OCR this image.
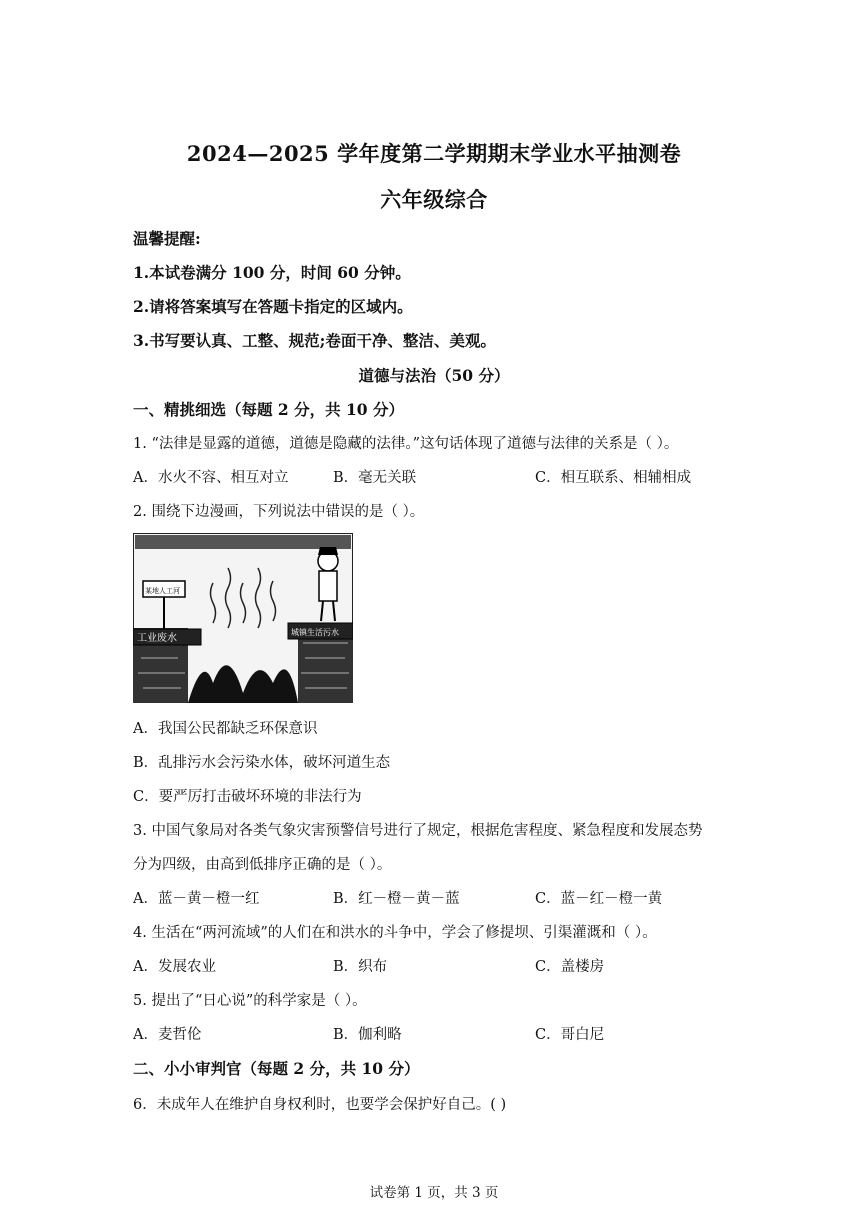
2024—2025 学年度第二学期期末学业水平抽测卷
六年级综合
温馨提醒:
1.本试卷满分 100 分，时间 60 分钟。
2.请将答案填写在答题卡指定的区域内。
3.书写要认真、工整、规范;卷面干净、整洁、美观。
道德与法治（50 分）
一、精挑细选（每题 2 分，共 10 分）
1. “法律是显露的道德，道德是隐藏的法律。”这句话体现了道德与法律的关系是（ ）。
A．水火不容、相互对立	B．毫无关联	C．相互联系、相辅相成
2. 围绕下边漫画，下列说法中错误的是（ ）。
工业废水
城镇生活污水
某地人工河
A．我国公民都缺乏环保意识
B．乱排污水会污染水体，破坏河道生态
C．要严厉打击破坏环境的非法行为
3. 中国气象局对各类气象灾害预警信号进行了规定，根据危害程度、紧急程度和发展态势
分为四级，由高到低排序正确的是（ ）。
A．蓝－黄－橙一红	B．红－橙－黄－蓝	C．蓝－红－橙一黄
4. 生活在“两河流域”的人们在和洪水的斗争中，学会了修提坝、引渠灌溉和（ ）。
A．发展农业	B．织布	C．盖楼房
5. 提出了“日心说”的科学家是（ ）。
A．麦哲伦	B．伽利略	C．哥白尼
二、小小审判官（每题 2 分，共 10 分）
6．未成年人在维护自身权利时，也要学会保护好自己。( )
试卷第 1 页，共 3 页
